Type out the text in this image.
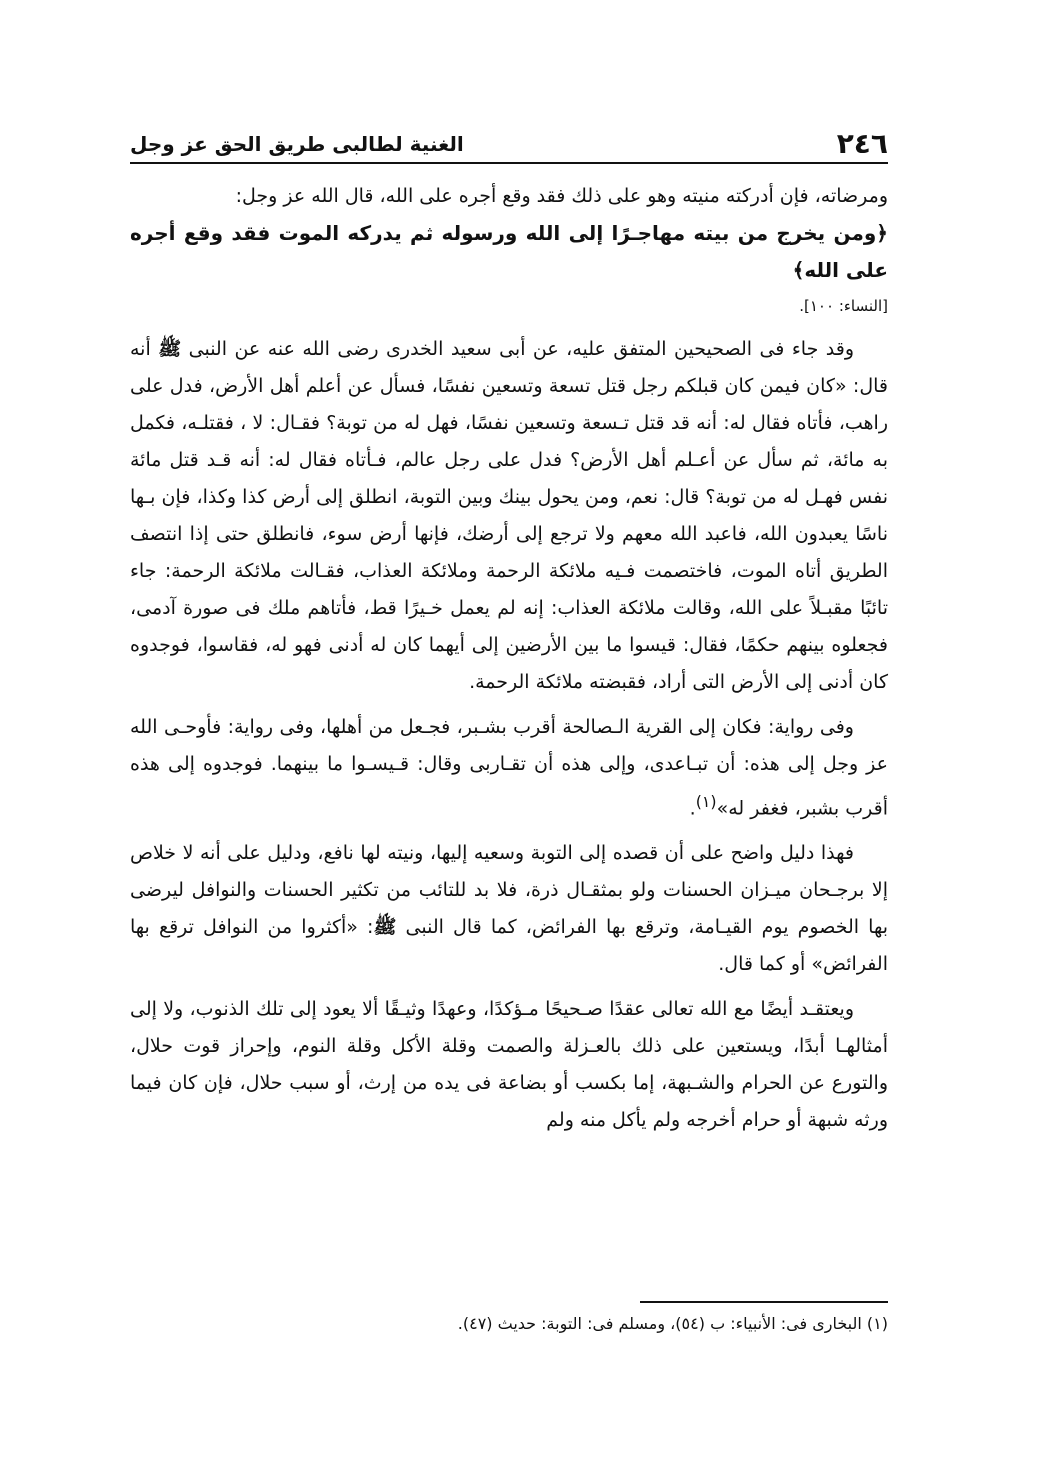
٢٤٦
الغنية لطالبى طريق الحق عز وجل

ومرضاته، فإن أدركته منيته وهو على ذلك فقد وقع أجره على الله، قال الله عز وجل:

﴿ومن يخرج من بيته مهاجـرًا إلى الله ورسوله ثم يدركه الموت فقد وقع أجره على الله﴾

[النساء: ١٠٠].

وقد جاء فى الصحيحين المتفق عليه، عن أبى سعيد الخدرى رضى الله عنه عن النبى ﷺ أنه قال: «كان فيمن كان قبلكم رجل قتل تسعة وتسعين نفسًا، فسأل عن أعلم أهل الأرض، فدل على راهب، فأتاه فقال له: أنه قد قتل تـسعة وتسعين نفسًا، فهل له من توبة؟ فقـال: لا ، فقتلـه، فكمل به مائة، ثم سأل عن أعـلم أهل الأرض؟ فدل على رجل عالم، فـأتاه فقال له: أنه قـد قتل مائة نفس فهـل له من توبة؟ قال: نعم، ومن يحول بينك وبين التوبة، انطلق إلى أرض كذا وكذا، فإن بـها ناسًا يعبدون الله، فاعبد الله معهم ولا ترجع إلى أرضك، فإنها أرض سوء، فانطلق حتى إذا انتصف الطريق أتاه الموت، فاختصمت فـيه ملائكة الرحمة وملائكة العذاب، فقـالت ملائكة الرحمة: جاء تائبًا مقبـلاً على الله، وقالت ملائكة العذاب: إنه لم يعمل خـيرًا قط، فأتاهم ملك فى صورة آدمى، فجعلوه بينهم حكمًا، فقال: قيسوا ما بين الأرضين إلى أيهما كان له أدنى فهو له، فقاسوا، فوجدوه كان أدنى إلى الأرض التى أراد، فقبضته ملائكة الرحمة.

وفى رواية: فكان إلى القرية الـصالحة أقرب بشـبر، فجـعل من أهلها، وفى رواية: فأوحـى الله عز وجل إلى هذه: أن تبـاعدى، وإلى هذه أن تقـاربى وقال: قـيسـوا ما بينهما. فوجدوه إلى هذه أقرب بشبر، فغفر له»$^{(١)}$.

فهذا دليل واضح على أن قصده إلى التوبة وسعيه إليها، ونيته لها نافع، ودليل على أنه لا خلاص إلا برجـحان ميـزان الحسنات ولو بمثقـال ذرة، فلا بد للتائب من تكثير الحسنات والنوافل ليرضى بها الخصوم يوم القيـامة، وترقع بها الفرائض، كما قال النبى ﷺ: «أكثروا من النوافل ترقع بها الفرائض» أو كما قال.

ويعتقـد أيضًا مع الله تعالى عقدًا صـحيحًا مـؤكدًا، وعهدًا وثيـقًا ألا يعود إلى تلك الذنوب، ولا إلى أمثالهـا أبدًا، ويستعين على ذلك بالعـزلة والصمت وقلة الأكل وقلة النوم، وإحراز قوت حلال، والتورع عن الحرام والشـبهة، إما بكسب أو بضاعة فى يده من إرث، أو سبب حلال، فإن كان فيما ورثه شبهة أو حرام أخرجه ولم يأكل منه ولم

(١) البخارى فى: الأنبياء: ب (٥٤)، ومسلم فى: التوبة: حديث (٤٧).
